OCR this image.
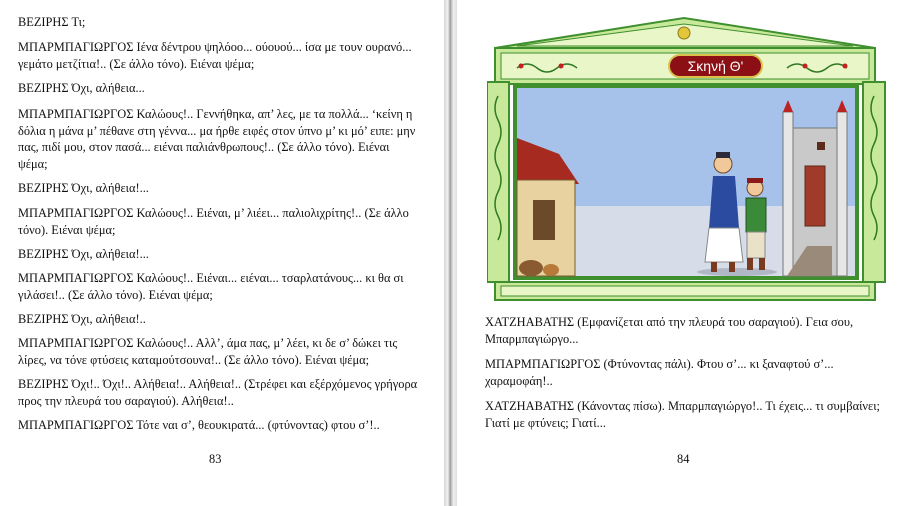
ΒΕΖΙΡΗΣ Τι;

ΜΠΑΡΜΠΑΓΙΩΡΓΟΣ Ιένα δέντρου ψηλόοο... ούουού... ίσα με τουν ουρανό... γεμάτο μετζίτια!.. (Σε άλλο τόνο). Ειέναι ψέμα;

ΒΕΖΙΡΗΣ Όχι, αλήθεια...

ΜΠΑΡΜΠΑΓΙΩΡΓΟΣ Καλώους!.. Γεννήθηκα, απ’ λες, με τα πολλά... ‘κείνη η δόλια η μάνα μ’ πέθανε στη γέννα... μα ήρθε ειφές στον ύπνο μ’ κι μό’ ειπε: μην πας, πιδί μου, στον πασά... ειέναι παλιάνθρωπους!.. (Σε άλλο τόνο). Ειέναι ψέμα;

ΒΕΖΙΡΗΣ Όχι, αλήθεια!...

ΜΠΑΡΜΠΑΓΙΩΡΓΟΣ Καλώους!.. Ειέναι, μ’ λιέει... παλιολιχρίτης!.. (Σε άλλο τόνο). Ειέναι ψέμα;

ΒΕΖΙΡΗΣ Όχι, αλήθεια!...

ΜΠΑΡΜΠΑΓΙΩΡΓΟΣ Καλώους!.. Ειέναι... ειέναι... τσαρλατάνους... κι θα σι γιλάσει!.. (Σε άλλο τόνο). Ειέναι ψέμα;

ΒΕΖΙΡΗΣ Όχι, αλήθεια!..

ΜΠΑΡΜΠΑΓΙΩΡΓΟΣ Καλώους!.. Αλλ’, άμα πας, μ’ λέει, κι δε σ’ δώκει τις λίρες, να τόνε φτύσεις καταμούτσουνα!.. (Σε άλλο τόνο). Ειέναι ψέμα;

ΒΕΖΙΡΗΣ Όχι!.. Όχι!.. Αλήθεια!.. Αλήθεια!.. (Στρέφει και εξέρχόμενος γρήγορα προς την πλευρά του σαραγιού). Αλήθεια!..

ΜΠΑΡΜΠΑΓΙΩΡΓΟΣ Τότε ναι σ’, θεουκιρατά... (φτύνοντας) φτου σ’!..

83
Σκηνή Θ'

ΧΑΤΖΗΑΒΑΤΗΣ (Εμφανίζεται από την πλευρά του σαραγιού). Γεια σου, Μπαρμπαγιώργο...

ΜΠΑΡΜΠΑΓΙΩΡΓΟΣ (Φτύνοντας πάλι). Φτου σ’... κι ξαναφτού σ’... χαραμοφάη!..

ΧΑΤΖΗΑΒΑΤΗΣ (Κάνοντας πίσω). Μπαρμπαγιώργο!.. Τι έχεις... τι συμβαίνει; Γιατί με φτύνεις; Γιατί...

84
